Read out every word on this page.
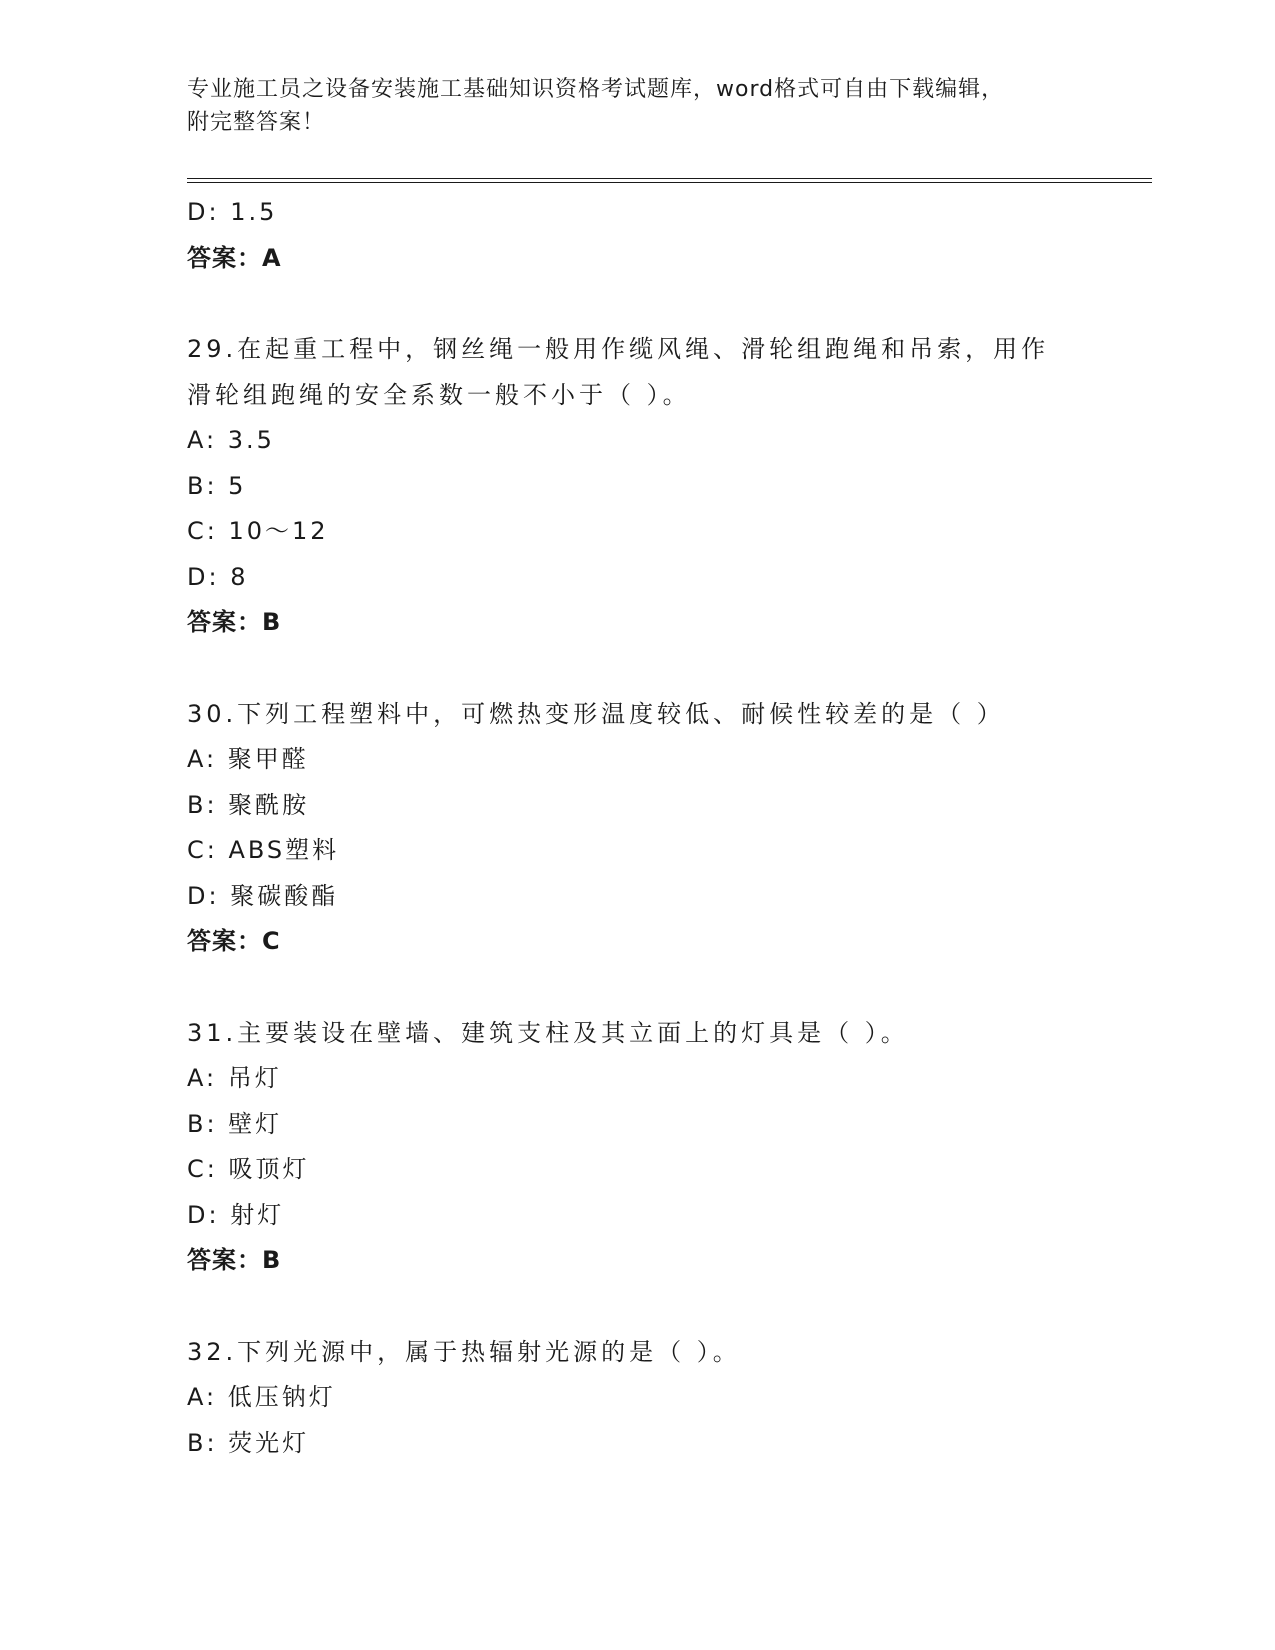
专业施工员之设备安装施工基础知识资格考试题库，word格式可自由下载编辑，
附完整答案！
D: 1.5
答案：A
29.在起重工程中，钢丝绳一般用作缆风绳、滑轮组跑绳和吊索，用作
滑轮组跑绳的安全系数一般不小于（ ）。
A: 3.5
B: 5
C: 10～12
D: 8
答案：B
30.下列工程塑料中，可燃热变形温度较低、耐候性较差的是（ ）
A: 聚甲醛
B: 聚酰胺
C: ABS塑料
D: 聚碳酸酯
答案：C
31.主要装设在壁墙、建筑支柱及其立面上的灯具是（ ）。
A: 吊灯
B: 壁灯
C: 吸顶灯
D: 射灯
答案：B
32.下列光源中，属于热辐射光源的是（ ）。
A: 低压钠灯
B: 荧光灯
